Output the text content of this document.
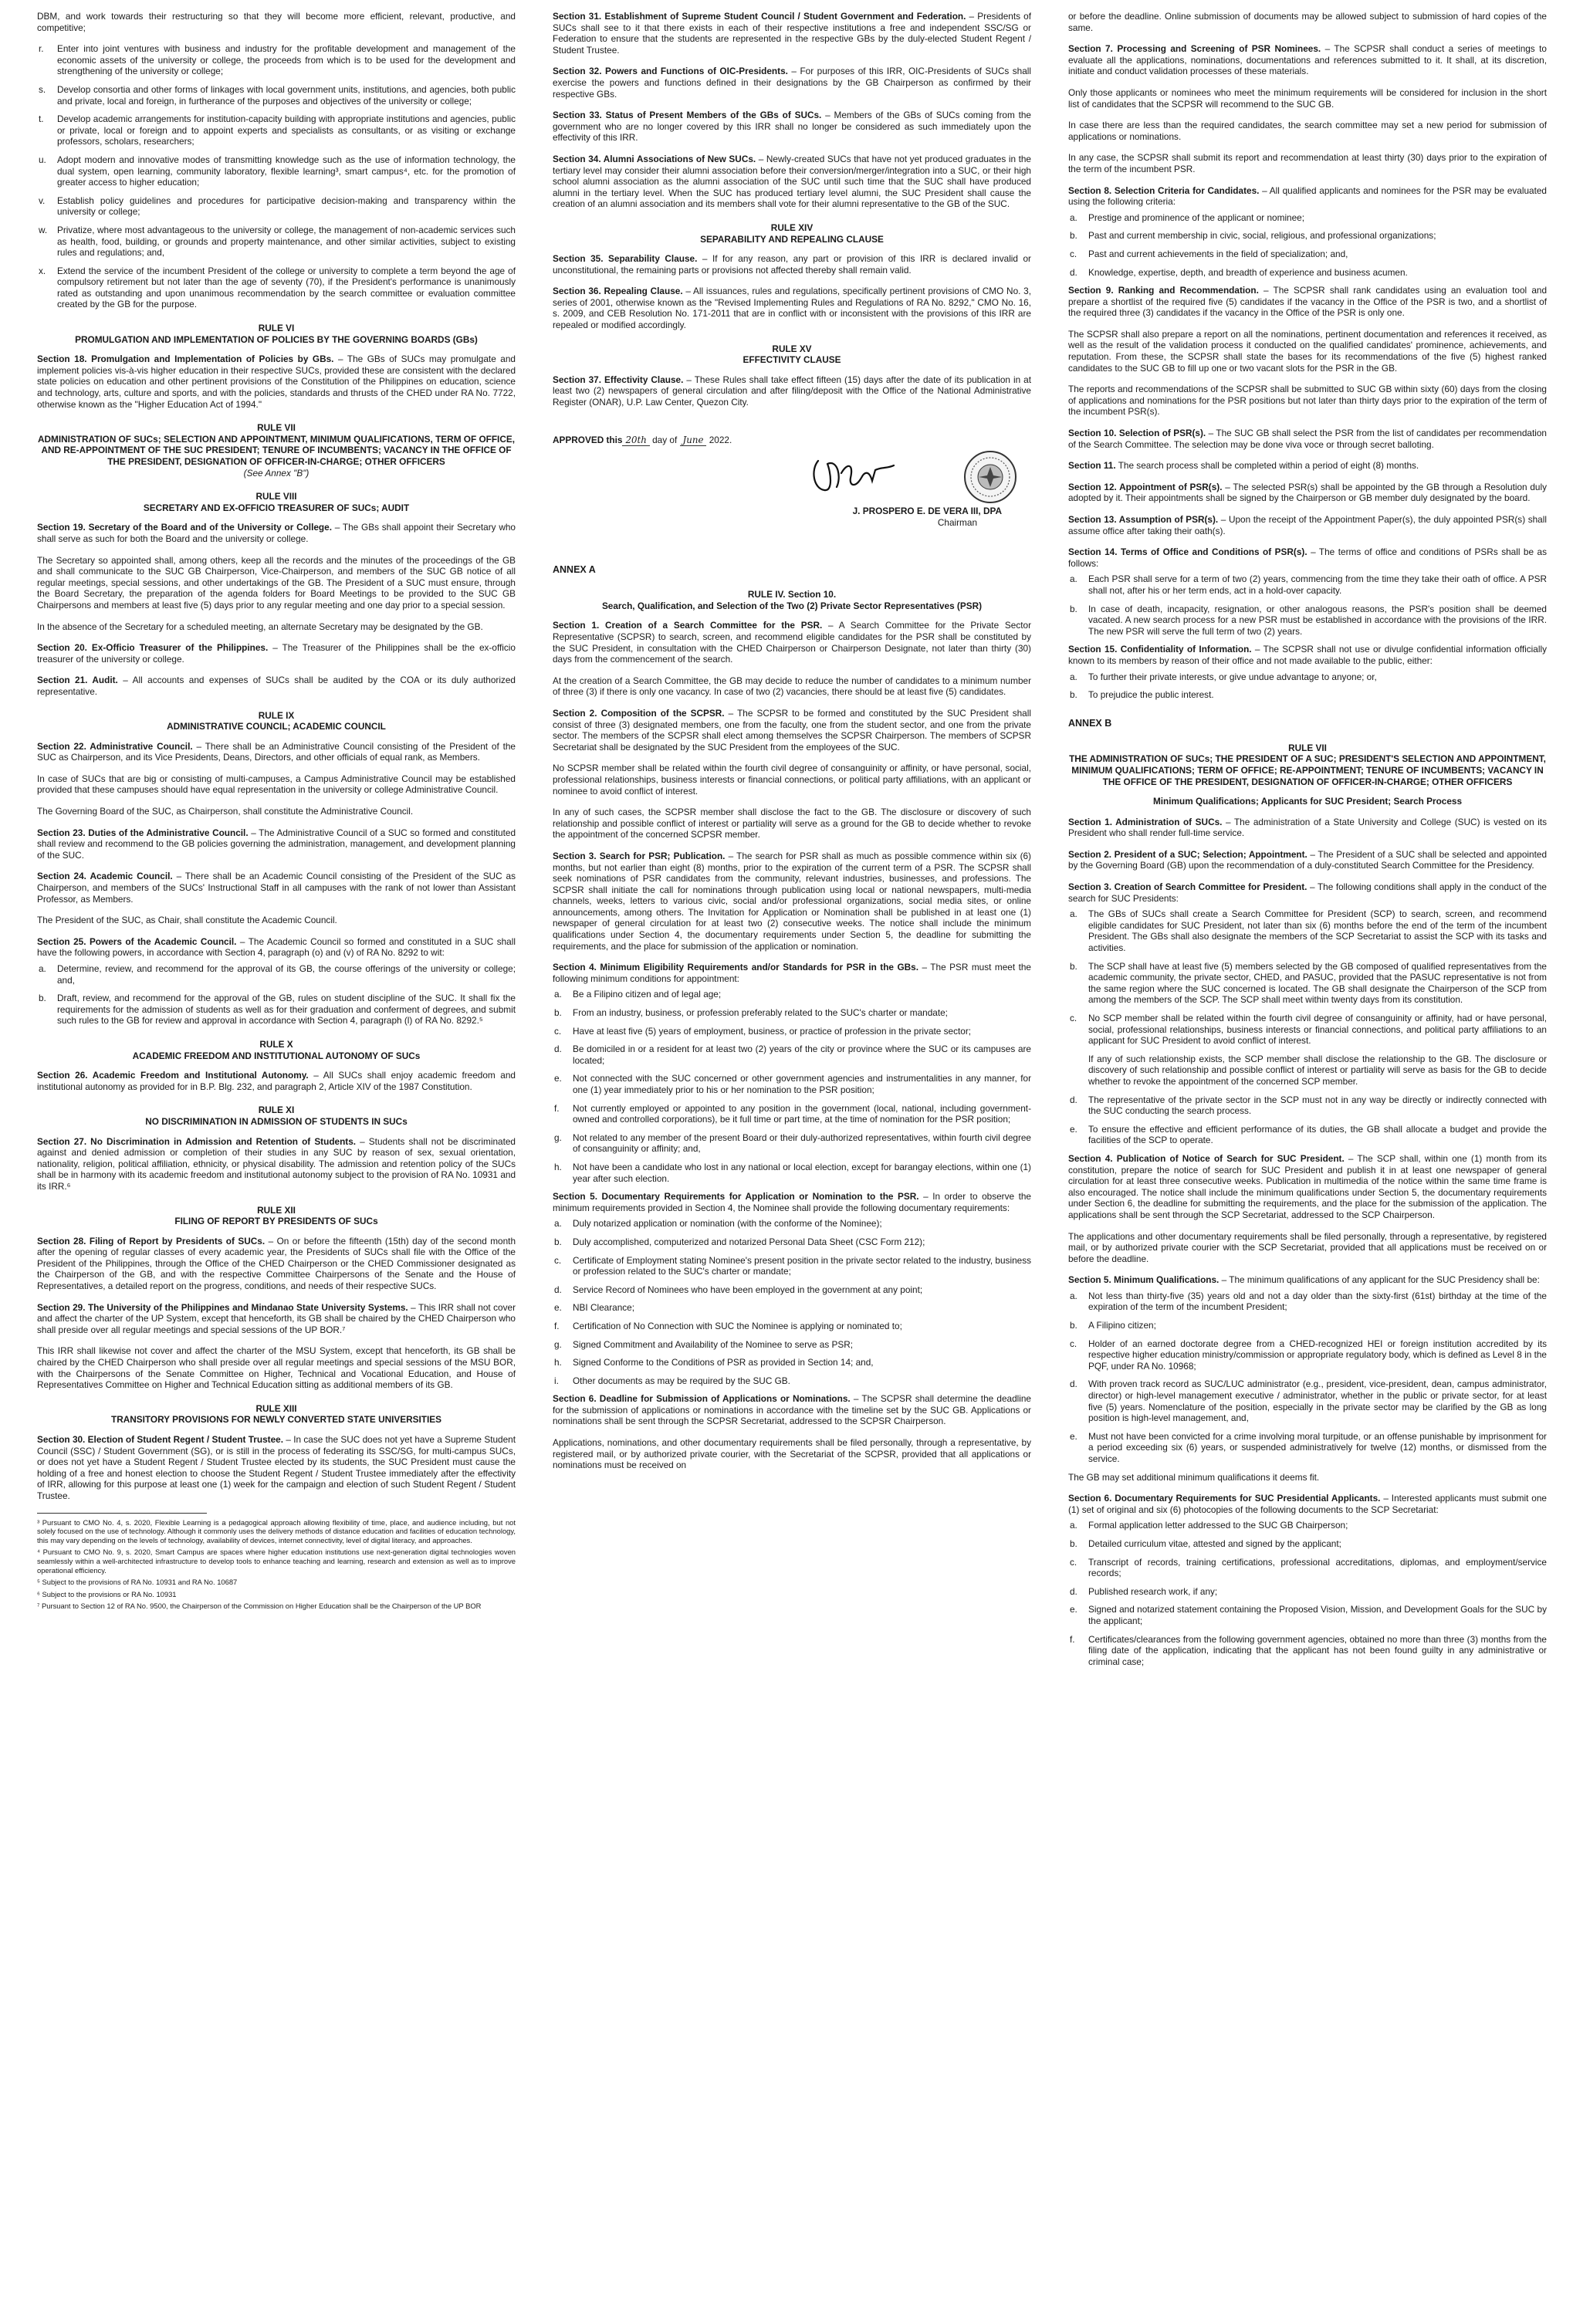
DBM, and work towards their restructuring so that they will become more efficient, relevant, productive, and competitive;

r. Enter into joint ventures with business and industry for the profitable development and management of the economic assets of the university or college, the proceeds from which is to be used for the development and strengthening of the university or college;
s. Develop consortia and other forms of linkages with local government units, institutions, and agencies, both public and private, local and foreign, in furtherance of the purposes and objectives of the university or college;
t. Develop academic arrangements for institution-capacity building with appropriate institutions and agencies, public or private, local or foreign and to appoint experts and specialists as consultants, or as visiting or exchange professors, scholars, researchers;
u. Adopt modern and innovative modes of transmitting knowledge such as the use of information technology, the dual system, open learning, community laboratory, flexible learning³, smart campus⁴, etc. for the promotion of greater access to higher education;
v. Establish policy guidelines and procedures for participative decision-making and transparency within the university or college;
w. Privatize, where most advantageous to the university or college, the management of non-academic services such as health, food, building, or grounds and property maintenance, and other similar activities, subject to existing rules and regulations; and,
x. Extend the service of the incumbent President of the college or university to complete a term beyond the age of compulsory retirement but not later than the age of seventy (70), if the President's performance is unanimously rated as outstanding and upon unanimous recommendation by the search committee or evaluation committee created by the GB for the purpose.
RULE VI
PROMULGATION AND IMPLEMENTATION OF POLICIES BY THE GOVERNING BOARDS (GBs)

Section 18. Promulgation and Implementation of Policies by GBs. – The GBs of SUCs may promulgate and implement policies vis-à-vis higher education in their respective SUCs, provided these are consistent with the declared state policies on education and other pertinent provisions of the Constitution of the Philippines on education, science and technology, arts, culture and sports, and with the policies, standards and thrusts of the CHED under RA No. 7722, otherwise known as the "Higher Education Act of 1994."

RULE VII
ADMINISTRATION OF SUCs; SELECTION AND APPOINTMENT, MINIMUM QUALIFICATIONS, TERM OF OFFICE, AND RE-APPOINTMENT OF THE SUC PRESIDENT; TENURE OF INCUMBENTS; VACANCY IN THE OFFICE OF THE PRESIDENT, DESIGNATION OF OFFICER-IN-CHARGE; OTHER OFFICERS
(See Annex "B")
RULE VIII
SECRETARY AND EX-OFFICIO TREASURER OF SUCs; AUDIT

Section 19. Secretary of the Board and of the University or College. – The GBs shall appoint their Secretary who shall serve as such for both the Board and the university or college.

The Secretary so appointed shall, among others, keep all the records and the minutes of the proceedings of the GB and shall communicate to the SUC GB Chairperson, Vice-Chairperson, and members of the SUC GB notice of all regular meetings, special sessions, and other undertakings of the GB. The President of a SUC must ensure, through the Board Secretary, the preparation of the agenda folders for Board Meetings to be provided to the SUC GB Chairpersons and members at least five (5) days prior to any regular meeting and one day prior to a special session.

In the absence of the Secretary for a scheduled meeting, an alternate Secretary may be designated by the GB.

Section 20. Ex-Officio Treasurer of the Philippines. – The Treasurer of the Philippines shall be the ex-officio treasurer of the university or college.

Section 21. Audit. – All accounts and expenses of SUCs shall be audited by the COA or its duly authorized representative.

RULE IX
ADMINISTRATIVE COUNCIL; ACADEMIC COUNCIL

Section 22. Administrative Council. – There shall be an Administrative Council consisting of the President of the SUC as Chairperson, and its Vice Presidents, Deans, Directors, and other officials of equal rank, as Members.

In case of SUCs that are big or consisting of multi-campuses, a Campus Administrative Council may be established provided that these campuses should have equal representation in the university or college Administrative Council.

The Governing Board of the SUC, as Chairperson, shall constitute the Administrative Council.

Section 23. Duties of the Administrative Council. – The Administrative Council of a SUC so formed and constituted shall review and recommend to the GB policies governing the administration, management, and development planning of the SUC.

Section 24. Academic Council. – There shall be an Academic Council consisting of the President of the SUC as Chairperson, and members of the SUCs' Instructional Staff in all campuses with the rank of not lower than Assistant Professor, as Members.

The President of the SUC, as Chair, shall constitute the Academic Council.

Section 25. Powers of the Academic Council. – The Academic Council so formed and constituted in a SUC shall have the following powers, in accordance with Section 4, paragraph (o) and (v) of RA No. 8292 to wit:

a. Determine, review, and recommend for the approval of its GB, the course offerings of the university or college; and,
b. Draft, review, and recommend for the approval of the GB, rules on student discipline of the SUC. It shall fix the requirements for the admission of students as well as for their graduation and conferment of degrees, and submit such rules to the GB for review and approval in accordance with Section 4, paragraph (l) of RA No. 8292.⁵
RULE X
ACADEMIC FREEDOM AND INSTITUTIONAL AUTONOMY OF SUCs

Section 26. Academic Freedom and Institutional Autonomy. – All SUCs shall enjoy academic freedom and institutional autonomy as provided for in B.P. Blg. 232, and paragraph 2, Article XIV of the 1987 Constitution.

RULE XI
NO DISCRIMINATION IN ADMISSION OF STUDENTS IN SUCs

Section 27. No Discrimination in Admission and Retention of Students. – Students shall not be discriminated against and denied admission or completion of their studies in any SUC by reason of sex, sexual orientation, nationality, religion, political affiliation, ethnicity, or physical disability. The admission and retention policy of the SUCs shall be in harmony with its academic freedom and institutional autonomy subject to the provision of RA No. 10931 and its IRR.⁶

RULE XII
FILING OF REPORT BY PRESIDENTS OF SUCs

Section 28. Filing of Report by Presidents of SUCs. – On or before the fifteenth (15th) day of the second month after the opening of regular classes of every academic year, the Presidents of SUCs shall file with the Office of the President of the Philippines, through the Office of the CHED Chairperson or the CHED Commissioner designated as the Chairperson of the GB, and with the respective Committee Chairpersons of the Senate and the House of Representatives, a detailed report on the progress, conditions, and needs of their respective SUCs.

Section 29. The University of the Philippines and Mindanao State University Systems. – This IRR shall not cover and affect the charter of the UP System, except that henceforth, its GB shall be chaired by the CHED Chairperson who shall preside over all regular meetings and special sessions of the UP BOR.⁷

This IRR shall likewise not cover and affect the charter of the MSU System, except that henceforth, its GB shall be chaired by the CHED Chairperson who shall preside over all regular meetings and special sessions of the MSU BOR, with the Chairpersons of the Senate Committee on Higher, Technical and Vocational Education, and House of Representatives Committee on Higher and Technical Education sitting as additional members of its GB.

RULE XIII
TRANSITORY PROVISIONS FOR NEWLY CONVERTED STATE UNIVERSITIES

Section 30. Election of Student Regent / Student Trustee. – In case the SUC does not yet have a Supreme Student Council (SSC) / Student Government (SG), or is still in the process of federating its SSC/SG, for multi-campus SUCs, or does not yet have a Student Regent / Student Trustee elected by its students, the SUC President must cause the holding of a free and honest election to choose the Student Regent / Student Trustee immediately after the effectivity of IRR, allowing for this purpose at least one (1) week for the campaign and election of such Student Regent / Student Trustee.

³ Pursuant to CMO No. 4, s. 2020, Flexible Learning is a pedagogical approach allowing flexibility of time, place, and audience including, but not solely focused on the use of technology. Although it commonly uses the delivery methods of distance education and facilities of education technology, this may vary depending on the levels of technology, availability of devices, internet connectivity, level of digital literacy, and approaches.

⁴ Pursuant to CMO No. 9, s. 2020, Smart Campus are spaces where higher education institutions use next-generation digital technologies woven seamlessly within a well-architected infrastructure to develop tools to enhance teaching and learning, research and extension as well as to improve operational efficiency.

⁵ Subject to the provisions of RA No. 10931 and RA No. 10687

⁶ Subject to the provisions or RA No. 10931

⁷ Pursuant to Section 12 of RA No. 9500, the Chairperson of the Commission on Higher Education shall be the Chairperson of the UP BOR

Section 31. Establishment of Supreme Student Council / Student Government and Federation. – Presidents of SUCs shall see to it that there exists in each of their respective institutions a free and independent SSC/SG or Federation to ensure that the students are represented in the respective GBs by the duly-elected Student Regent / Student Trustee.

Section 32. Powers and Functions of OIC-Presidents. – For purposes of this IRR, OIC-Presidents of SUCs shall exercise the powers and functions defined in their designations by the GB Chairperson as confirmed by their respective GBs.

Section 33. Status of Present Members of the GBs of SUCs. – Members of the GBs of SUCs coming from the government who are no longer covered by this IRR shall no longer be considered as such immediately upon the effectivity of this IRR.

Section 34. Alumni Associations of New SUCs. – Newly-created SUCs that have not yet produced graduates in the tertiary level may consider their alumni association before their conversion/merger/integration into a SUC, or their high school alumni association as the alumni association of the SUC until such time that the SUC shall have produced alumni in the tertiary level. When the SUC has produced tertiary level alumni, the SUC President shall cause the creation of an alumni association and its members shall vote for their alumni representative to the GB of the SUC.

RULE XIV
SEPARABILITY AND REPEALING CLAUSE

Section 35. Separability Clause. – If for any reason, any part or provision of this IRR is declared invalid or unconstitutional, the remaining parts or provisions not affected thereby shall remain valid.

Section 36. Repealing Clause. – All issuances, rules and regulations, specifically pertinent provisions of CMO No. 3, series of 2001, otherwise known as the "Revised Implementing Rules and Regulations of RA No. 8292," CMO No. 16, s. 2009, and CEB Resolution No. 171-2011 that are in conflict with or inconsistent with the provisions of this IRR are repealed or modified accordingly.

RULE XV
EFFECTIVITY CLAUSE

Section 37. Effectivity Clause. – These Rules shall take effect fifteen (15) days after the date of its publication in at least two (2) newspapers of general circulation and after filing/deposit with the Office of the National Administrative Register (ONAR), U.P. Law Center, Quezon City.

APPROVED this 20th day of June 2022.

J. PROSPERO E. DE VERA III, DPA
Chairman
ANNEX A
RULE IV. Section 10.
Search, Qualification, and Selection of the Two (2) Private Sector Representatives (PSR)

Section 1. Creation of a Search Committee for the PSR. – A Search Committee for the Private Sector Representative (SCPSR) to search, screen, and recommend eligible candidates for the PSR shall be constituted by the SUC President, in consultation with the CHED Chairperson or Chairperson Designate, not later than thirty (30) days from the commencement of the search.

At the creation of a Search Committee, the GB may decide to reduce the number of candidates to a minimum number of three (3) if there is only one vacancy. In case of two (2) vacancies, there should be at least five (5) candidates.

Section 2. Composition of the SCPSR. – The SCPSR to be formed and constituted by the SUC President shall consist of three (3) designated members, one from the faculty, one from the student sector, and one from the private sector. The members of the SCPSR shall elect among themselves the SCPSR Chairperson. The members of SCPSR Secretariat shall be designated by the SUC President from the employees of the SUC.

No SCPSR member shall be related within the fourth civil degree of consanguinity or affinity, or have personal, social, professional relationships, business interests or financial connections, or political party affiliations, with an applicant or nominee to avoid conflict of interest.

In any of such cases, the SCPSR member shall disclose the fact to the GB. The disclosure or discovery of such relationship and possible conflict of interest or partiality will serve as a ground for the GB to decide whether to revoke the appointment of the concerned SCPSR member.

Section 3. Search for PSR; Publication. – The search for PSR shall as much as possible commence within six (6) months, but not earlier than eight (8) months, prior to the expiration of the current term of a PSR. The SCPSR shall seek nominations of PSR candidates from the community, relevant industries, businesses, and professions. The SCPSR shall initiate the call for nominations through publication using local or national newspapers, multi-media channels, weeks, letters to various civic, social and/or professional organizations, social media sites, or online announcements, among others. The Invitation for Application or Nomination shall be published in at least one (1) newspaper of general circulation for at least two (2) consecutive weeks. The notice shall include the minimum qualifications under Section 4, the documentary requirements under Section 5, the deadline for submitting the requirements, and the place for submission of the application or nomination.

Section 4. Minimum Eligibility Requirements and/or Standards for PSR in the GBs. – The PSR must meet the following minimum conditions for appointment:

a. Be a Filipino citizen and of legal age;
b. From an industry, business, or profession preferably related to the SUC's charter or mandate;
c. Have at least five (5) years of employment, business, or practice of profession in the private sector;
d. Be domiciled in or a resident for at least two (2) years of the city or province where the SUC or its campuses are located;
e. Not connected with the SUC concerned or other government agencies and instrumentalities in any manner, for one (1) year immediately prior to his or her nomination to the PSR position;
f. Not currently employed or appointed to any position in the government (local, national, including government-owned and controlled corporations), be it full time or part time, at the time of nomination for the PSR position;
g. Not related to any member of the present Board or their duly-authorized representatives, within fourth civil degree of consanguinity or affinity; and,
h. Not have been a candidate who lost in any national or local election, except for barangay elections, within one (1) year after such election.

Section 5. Documentary Requirements for Application or Nomination to the PSR. – In order to observe the minimum requirements provided in Section 4, the Nominee shall provide the following documentary requirements:

a. Duly notarized application or nomination (with the conforme of the Nominee);
b. Duly accomplished, computerized and notarized Personal Data Sheet (CSC Form 212);
c. Certificate of Employment stating Nominee's present position in the private sector related to the industry, business or profession related to the SUC's charter or mandate;
d. Service Record of Nominees who have been employed in the government at any point;
e. NBI Clearance;
f. Certification of No Connection with SUC the Nominee is applying or nominated to;
g. Signed Commitment and Availability of the Nominee to serve as PSR;
h. Signed Conforme to the Conditions of PSR as provided in Section 14; and,
i. Other documents as may be required by the SUC GB.

Section 6. Deadline for Submission of Applications or Nominations. – The SCPSR shall determine the deadline for the submission of applications or nominations in accordance with the timeline set by the SUC GB. Applications or nominations shall be sent through the SCPSR Secretariat, addressed to the SCPSR Chairperson.

Applications, nominations, and other documentary requirements shall be filed personally, through a representative, by registered mail, or by authorized private courier, with the Secretariat of the SCPSR, provided that all applications or nominations must be received on

or before the deadline. Online submission of documents may be allowed subject to submission of hard copies of the same.

Section 7. Processing and Screening of PSR Nominees. – The SCPSR shall conduct a series of meetings to evaluate all the applications, nominations, documentations and references submitted to it. It shall, at its discretion, initiate and conduct validation processes of these materials.

Only those applicants or nominees who meet the minimum requirements will be considered for inclusion in the short list of candidates that the SCPSR will recommend to the SUC GB.

In case there are less than the required candidates, the search committee may set a new period for submission of applications or nominations.

In any case, the SCPSR shall submit its report and recommendation at least thirty (30) days prior to the expiration of the term of the incumbent PSR.

Section 8. Selection Criteria for Candidates. – All qualified applicants and nominees for the PSR may be evaluated using the following criteria:

a. Prestige and prominence of the applicant or nominee;
b. Past and current membership in civic, social, religious, and professional organizations;
c. Past and current achievements in the field of specialization; and,
d. Knowledge, expertise, depth, and breadth of experience and business acumen.

Section 9. Ranking and Recommendation. – The SCPSR shall rank candidates using an evaluation tool and prepare a shortlist of the required five (5) candidates if the vacancy in the Office of the PSR is two, and a shortlist of the required three (3) candidates if the vacancy in the Office of the PSR is only one.

The SCPSR shall also prepare a report on all the nominations, pertinent documentation and references it received, as well as the result of the validation process it conducted on the qualified candidates' prominence, achievements, and reputation. From these, the SCPSR shall state the bases for its recommendations of the five (5) highest ranked candidates to the SUC GB to fill up one or two vacant slots for the PSR in the GB.

The reports and recommendations of the SCPSR shall be submitted to SUC GB within sixty (60) days from the closing of applications and nominations for the PSR positions but not later than thirty days prior to the expiration of the term of the incumbent PSR(s).

Section 10. Selection of PSR(s). – The SUC GB shall select the PSR from the list of candidates per recommendation of the Search Committee. The selection may be done viva voce or through secret balloting.

Section 11. The search process shall be completed within a period of eight (8) months.

Section 12. Appointment of PSR(s). – The selected PSR(s) shall be appointed by the GB through a Resolution duly adopted by it. Their appointments shall be signed by the Chairperson or GB member duly designated by the board.

Section 13. Assumption of PSR(s). – Upon the receipt of the Appointment Paper(s), the duly appointed PSR(s) shall assume office after taking their oath(s).

Section 14. Terms of Office and Conditions of PSR(s). – The terms of office and conditions of PSRs shall be as follows:

a. Each PSR shall serve for a term of two (2) years, commencing from the time they take their oath of office. A PSR shall not, after his or her term ends, act in a hold-over capacity.
b. In case of death, incapacity, resignation, or other analogous reasons, the PSR's position shall be deemed vacated. A new search process for a new PSR must be established in accordance with the provisions of the IRR. The new PSR will serve the full term of two (2) years.

Section 15. Confidentiality of Information. – The SCPSR shall not use or divulge confidential information officially known to its members by reason of their office and not made available to the public, either:

a. To further their private interests, or give undue advantage to anyone; or,
b. To prejudice the public interest.
ANNEX B
RULE VII
THE ADMINISTRATION OF SUCs; THE PRESIDENT OF A SUC; PRESIDENT'S SELECTION AND APPOINTMENT, MINIMUM QUALIFICATIONS; TERM OF OFFICE; RE-APPOINTMENT; TENURE OF INCUMBENTS; VACANCY IN THE OFFICE OF THE PRESIDENT, DESIGNATION OF OFFICER-IN-CHARGE; OTHER OFFICERS
Minimum Qualifications; Applicants for SUC President; Search Process

Section 1. Administration of SUCs. – The administration of a State University and College (SUC) is vested on its President who shall render full-time service.

Section 2. President of a SUC; Selection; Appointment. – The President of a SUC shall be selected and appointed by the Governing Board (GB) upon the recommendation of a duly-constituted Search Committee for the Presidency.

Section 3. Creation of Search Committee for President. – The following conditions shall apply in the conduct of the search for SUC Presidents:

a. The GBs of SUCs shall create a Search Committee for President (SCP) to search, screen, and recommend eligible candidates for SUC President, not later than six (6) months before the end of the term of the incumbent President. The GBs shall also designate the members of the SCP Secretariat to assist the SCP with its tasks and activities.
b. The SCP shall have at least five (5) members selected by the GB composed of qualified representatives from the academic community, the private sector, CHED, and PASUC, provided that the PASUC representative is not from the same region where the SUC concerned is located. The GB shall designate the Chairperson of the SCP from among the members of the SCP. The SCP shall meet within twenty days from its constitution.
c. No SCP member shall be related within the fourth civil degree of consanguinity or affinity, had or have personal, social, professional relationships, business interests or financial connections, and political party affiliations to an applicant for SUC President to avoid conflict of interest.
If any of such relationship exists, the SCP member shall disclose the relationship to the GB. The disclosure or discovery of such relationship and possible conflict of interest or partiality will serve as basis for the GB to decide whether to revoke the appointment of the concerned SCP member.
d. The representative of the private sector in the SCP must not in any way be directly or indirectly connected with the SUC conducting the search process.
e. To ensure the effective and efficient performance of its duties, the GB shall allocate a budget and provide the facilities of the SCP to operate.

Section 4. Publication of Notice of Search for SUC President. – The SCP shall, within one (1) month from its constitution, prepare the notice of search for SUC President and publish it in at least one newspaper of general circulation for at least three consecutive weeks. Publication in multimedia of the notice within the same time frame is also encouraged. The notice shall include the minimum qualifications under Section 5, the documentary requirements under Section 6, the deadline for submitting the requirements, and the place for the submission of the application. The applications shall be sent through the SCP Secretariat, addressed to the SCP Chairperson.

The applications and other documentary requirements shall be filed personally, through a representative, by registered mail, or by authorized private courier with the SCP Secretariat, provided that all applications must be received on or before the deadline.

Section 5. Minimum Qualifications. – The minimum qualifications of any applicant for the SUC Presidency shall be:

a. Not less than thirty-five (35) years old and not a day older than the sixty-first (61st) birthday at the time of the expiration of the term of the incumbent President;
b. A Filipino citizen;
c. Holder of an earned doctorate degree from a CHED-recognized HEI or foreign institution accredited by its respective higher education ministry/commission or appropriate regulatory body, which is defined as Level 8 in the PQF, under RA No. 10968;
d. With proven track record as SUC/LUC administrator (e.g., president, vice-president, dean, campus administrator, director) or high-level management executive / administrator, whether in the public or private sector, for at least five (5) years. Nomenclature of the position, especially in the private sector may be clarified by the GB as long position is high-level management, and,
e. Must not have been convicted for a crime involving moral turpitude, or an offense punishable by imprisonment for a period exceeding six (6) years, or suspended administratively for twelve (12) months, or dismissed from the service.

The GB may set additional minimum qualifications it deems fit.

Section 6. Documentary Requirements for SUC Presidential Applicants. – Interested applicants must submit one (1) set of original and six (6) photocopies of the following documents to the SCP Secretariat:

a. Formal application letter addressed to the SUC GB Chairperson;
b. Detailed curriculum vitae, attested and signed by the applicant;
c. Transcript of records, training certifications, professional accreditations, diplomas, and employment/service records;
d. Published research work, if any;
e. Signed and notarized statement containing the Proposed Vision, Mission, and Development Goals for the SUC by the applicant;
f. Certificates/clearances from the following government agencies, obtained no more than three (3) months from the filing date of the application, indicating that the applicant has not been found guilty in any administrative or criminal case;
